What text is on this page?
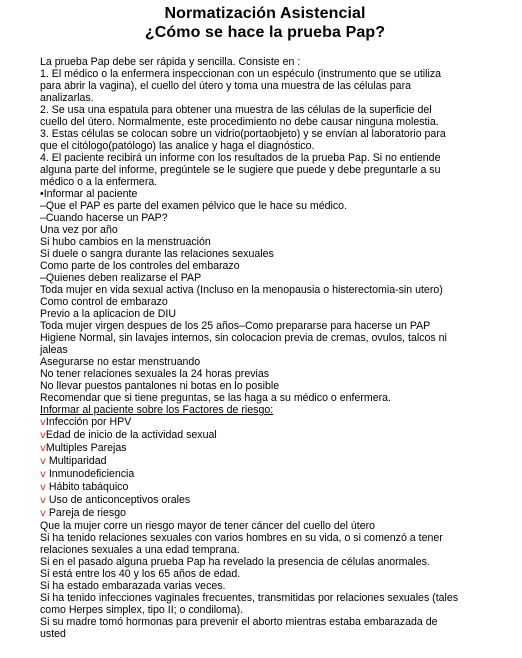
Normatización Asistencial
¿Cómo se hace la prueba Pap?
La prueba Pap debe ser rápida y sencilla. Consiste en :
1. El médico o la enfermera inspeccionan con un espéculo (instrumento que se utiliza
para abrir la vagina), el cuello del útero y toma una muestra de las células para
analizarlas.
2. Se usa una espatula para obtener una muestra de las células de la superficie del
cuello del útero. Normalmente, este procedimiento no debe causar ninguna molestia.
3. Estas células se colocan sobre un vidrio(portaobjeto) y se envían al laboratorio para
que el citólogo(patólogo) las analice y haga el diagnóstico.
4. El paciente recibirá un informe con los resultados de la prueba Pap. Si no entiende
alguna parte del informe, pregúntele se le sugiere que puede y debe preguntarle a su
médico o a la enfermera.
•Informar al paciente
–Que el PAP es parte del examen pélvico que le hace su médico.
–Cuando hacerse un PAP?
Una vez por año
Si hubo cambios en la menstruación
Si duele o sangra durante las relaciones sexuales
Como parte de los controles del embarazo
–Quienes deben realizarse el PAP
Toda mujer en vida sexual activa (Incluso en la menopausia o histerectomia-sin utero)
Como control de embarazo
Previo a la aplicacion de DIU
Toda mujer virgen despues de los 25 años–Como prepararse para hacerse un PAP
Higiene Normal, sin lavajes internos, sin colocacion previa de cremas, ovulos, talcos ni
jaleas
Asegurarse no estar menstruando
No tener relaciones sexuales la 24 horas previas
No llevar puestos pantalones ni botas en lo posible
Recomendar que si tiene preguntas, se las haga a su médico o enfermera.
Informar al paciente sobre los Factores de riesgo:
vInfección por HPV
vEdad de inicio de la actividad sexual
vMultiples Parejas
v Multiparidad
v Inmunodeficiencia
v Hábito tabáquico
v Uso de anticonceptivos orales
v Pareja de riesgo
Que la mujer corre un riesgo mayor de tener cáncer del cuello del útero
Si ha tenido relaciones sexuales con varios hombres en su vida, o si comenzó a tener
relaciones sexuales a una edad temprana.
Si en el pasado alguna prueba Pap ha revelado la presencia de células anormales.
Si está entre los 40 y los 65 años de edad.
Si ha estado embarazada varias veces.
Si ha tenido infecciones vaginales frecuentes, transmitidas por relaciones sexuales (tales
como Herpes simplex, tipo II; o condiloma).
Si su madre tomó hormonas para prevenir el aborto mientras estaba embarazada de
usted
